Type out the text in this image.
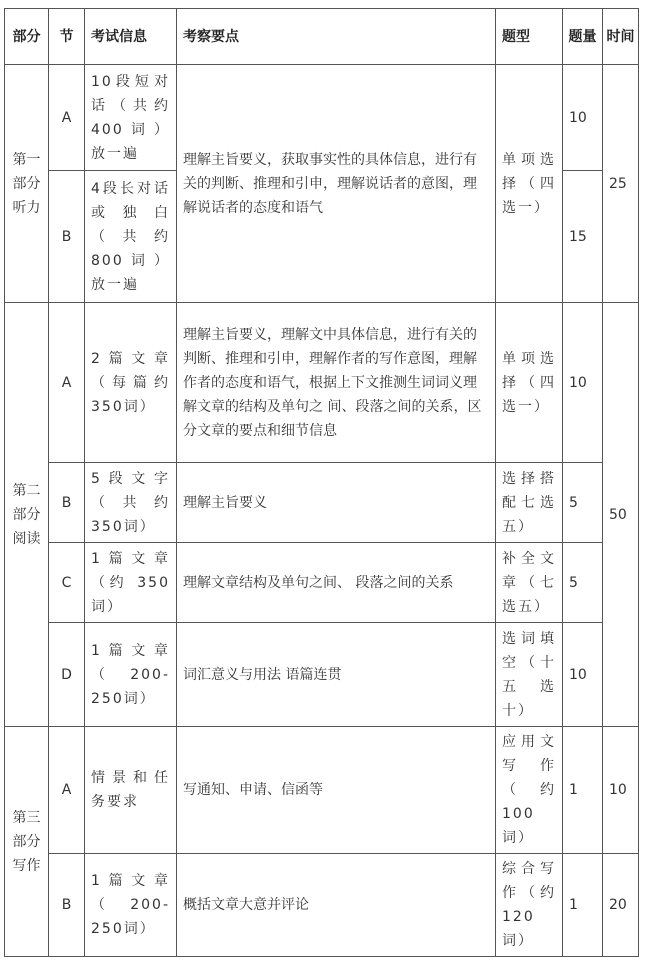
部分	节	考试信息	考察要点	题型	题量	时间
第一部分听力	A	10段短对话（共约400词）放一遍	理解主旨要义，获取事实性的具体信息，进行有关的判断、推理和引申，理解说话者的意图，理解说话者的态度和语气	单项选择（四选一）	10	25
	B	4段长对话或独白（共约800词）放一遍			15	
第二部分阅读	A	2篇文章（每篇约350词）	理解主旨要义，理解文中具体信息，进行有关的判断、推理和引申，理解作者的写作意图，理解作者的态度和语气，根据上下文推测生词词义理解文章的结构及单句之 间、段落之间的关系，区分文章的要点和细节信息	单项选择（四选一）	10	50
	B	5段文字（共约350词）	理解主旨要义	选择搭配七选五）	5	
	C	1篇文章（约 350词）	理解文章结构及单句之间、 段落之间的关系	补全文章（七选五）	5	
	D	1篇文章（200-250词）	词汇意义与用法 语篇连贯	选词填空（十五选十）	10	
第三部分写作	A	情景和任务要求	写通知、申请、信函等	应用文写作（约100词）	1	10
	B	1篇文章（200-250词）	概括文章大意并评论	综合写作（约120词）	1	20
